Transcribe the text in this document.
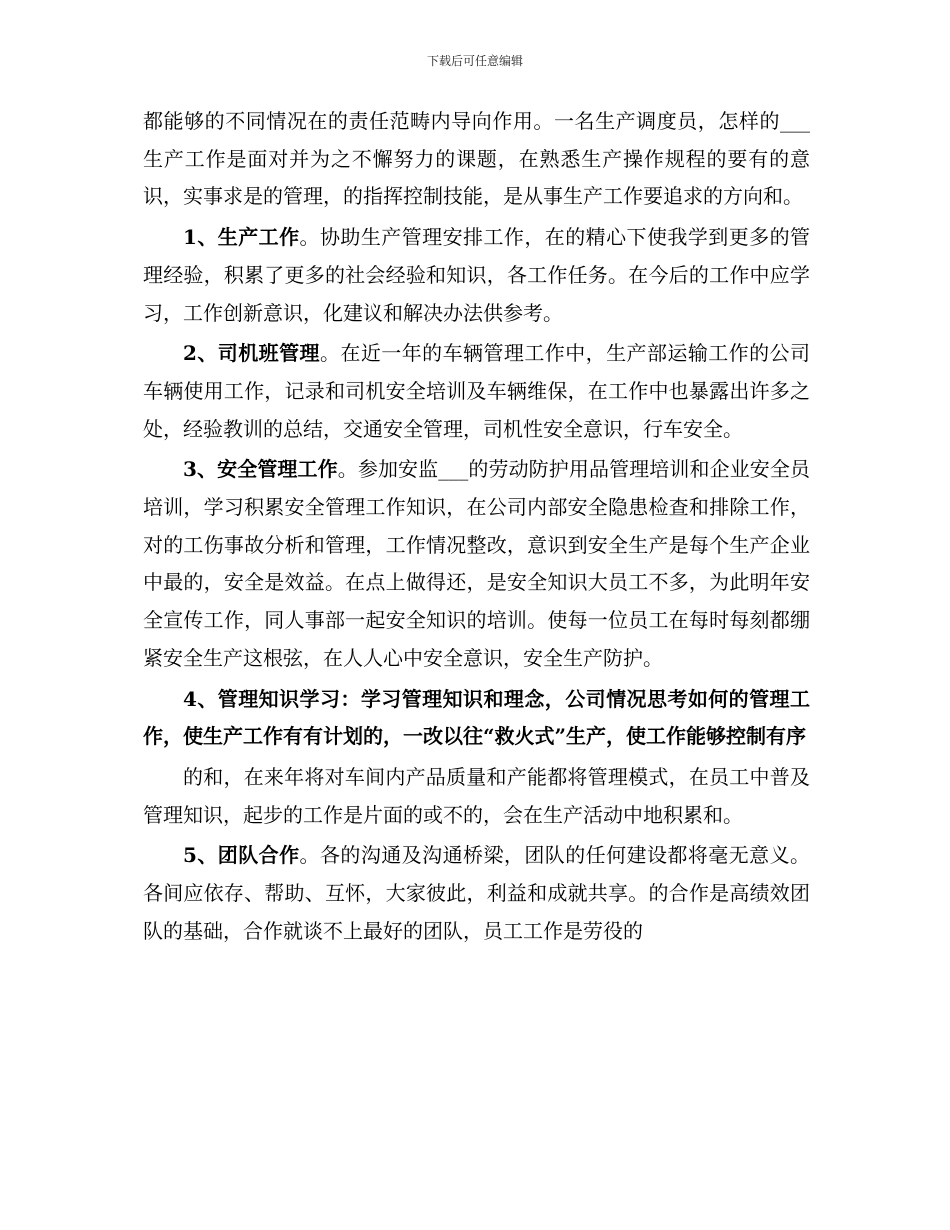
下载后可任意编辑

都能够的不同情况在的责任范畴内导向作用。一名生产调度员，怎样的___生产工作是面对并为之不懈努力的课题，在熟悉生产操作规程的要有的意识，实事求是的管理，的指挥控制技能，是从事生产工作要追求的方向和。

1、生产工作。协助生产管理安排工作，在的精心下使我学到更多的管理经验，积累了更多的社会经验和知识，各工作任务。在今后的工作中应学习，工作创新意识，化建议和解决办法供参考。

2、司机班管理。在近一年的车辆管理工作中，生产部运输工作的公司车辆使用工作，记录和司机安全培训及车辆维保，在工作中也暴露出许多之处，经验教训的总结，交通安全管理，司机性安全意识，行车安全。

3、安全管理工作。参加安监___的劳动防护用品管理培训和企业安全员培训，学习积累安全管理工作知识，在公司内部安全隐患检查和排除工作，对的工伤事故分析和管理，工作情况整改，意识到安全生产是每个生产企业中最的，安全是效益。在点上做得还，是安全知识大员工不多，为此明年安全宣传工作，同人事部一起安全知识的培训。使每一位员工在每时每刻都绷紧安全生产这根弦，在人人心中安全意识，安全生产防护。

4、管理知识学习：学习管理知识和理念，公司情况思考如何的管理工作，使生产工作有有计划的，一改以往“救火式”生产，使工作能够控制有序

的和，在来年将对车间内产品质量和产能都将管理模式，在员工中普及管理知识，起步的工作是片面的或不的，会在生产活动中地积累和。

5、团队合作。各的沟通及沟通桥梁，团队的任何建设都将毫无意义。各间应依存、帮助、互怀，大家彼此，利益和成就共享。的合作是高绩效团队的基础，合作就谈不上最好的团队，员工工作是劳役的
